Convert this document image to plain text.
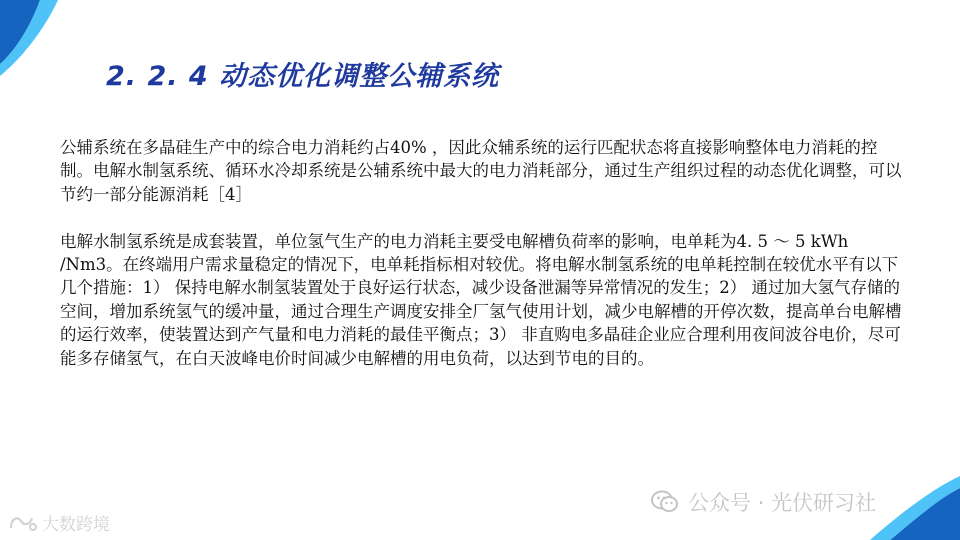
2. 2. 4 动态优化调整公辅系统

公辅系统在多晶硅生产中的综合电力消耗约占40% ，因此众辅系统的运行匹配状态将直接影响整体电力消耗的控制。电解水制氢系统、循环水冷却系统是公辅系统中最大的电力消耗部分，通过生产组织过程的动态优化调整，可以节约一部分能源消耗［4］

电解水制氢系统是成套装置，单位氢气生产的电力消耗主要受电解槽负荷率的影响，电单耗为4. 5 ～ 5 kWh /Nm3。在终端用户需求量稳定的情况下，电单耗指标相对较优。将电解水制氢系统的电单耗控制在较优水平有以下几个措施：1） 保持电解水制氢装置处于良好运行状态，减少设备泄漏等异常情况的发生；2） 通过加大氢气存储的空间，增加系统氢气的缓冲量，通过合理生产调度安排全厂氢气使用计划，减少电解槽的开停次数，提高单台电解槽的运行效率，使装置达到产气量和电力消耗的最佳平衡点；3） 非直购电多晶硅企业应合理利用夜间波谷电价，尽可能多存储氢气，在白天波峰电价时间减少电解槽的用电负荷，以达到节电的目的。

公众号 · 光伏研习社
大数跨境
